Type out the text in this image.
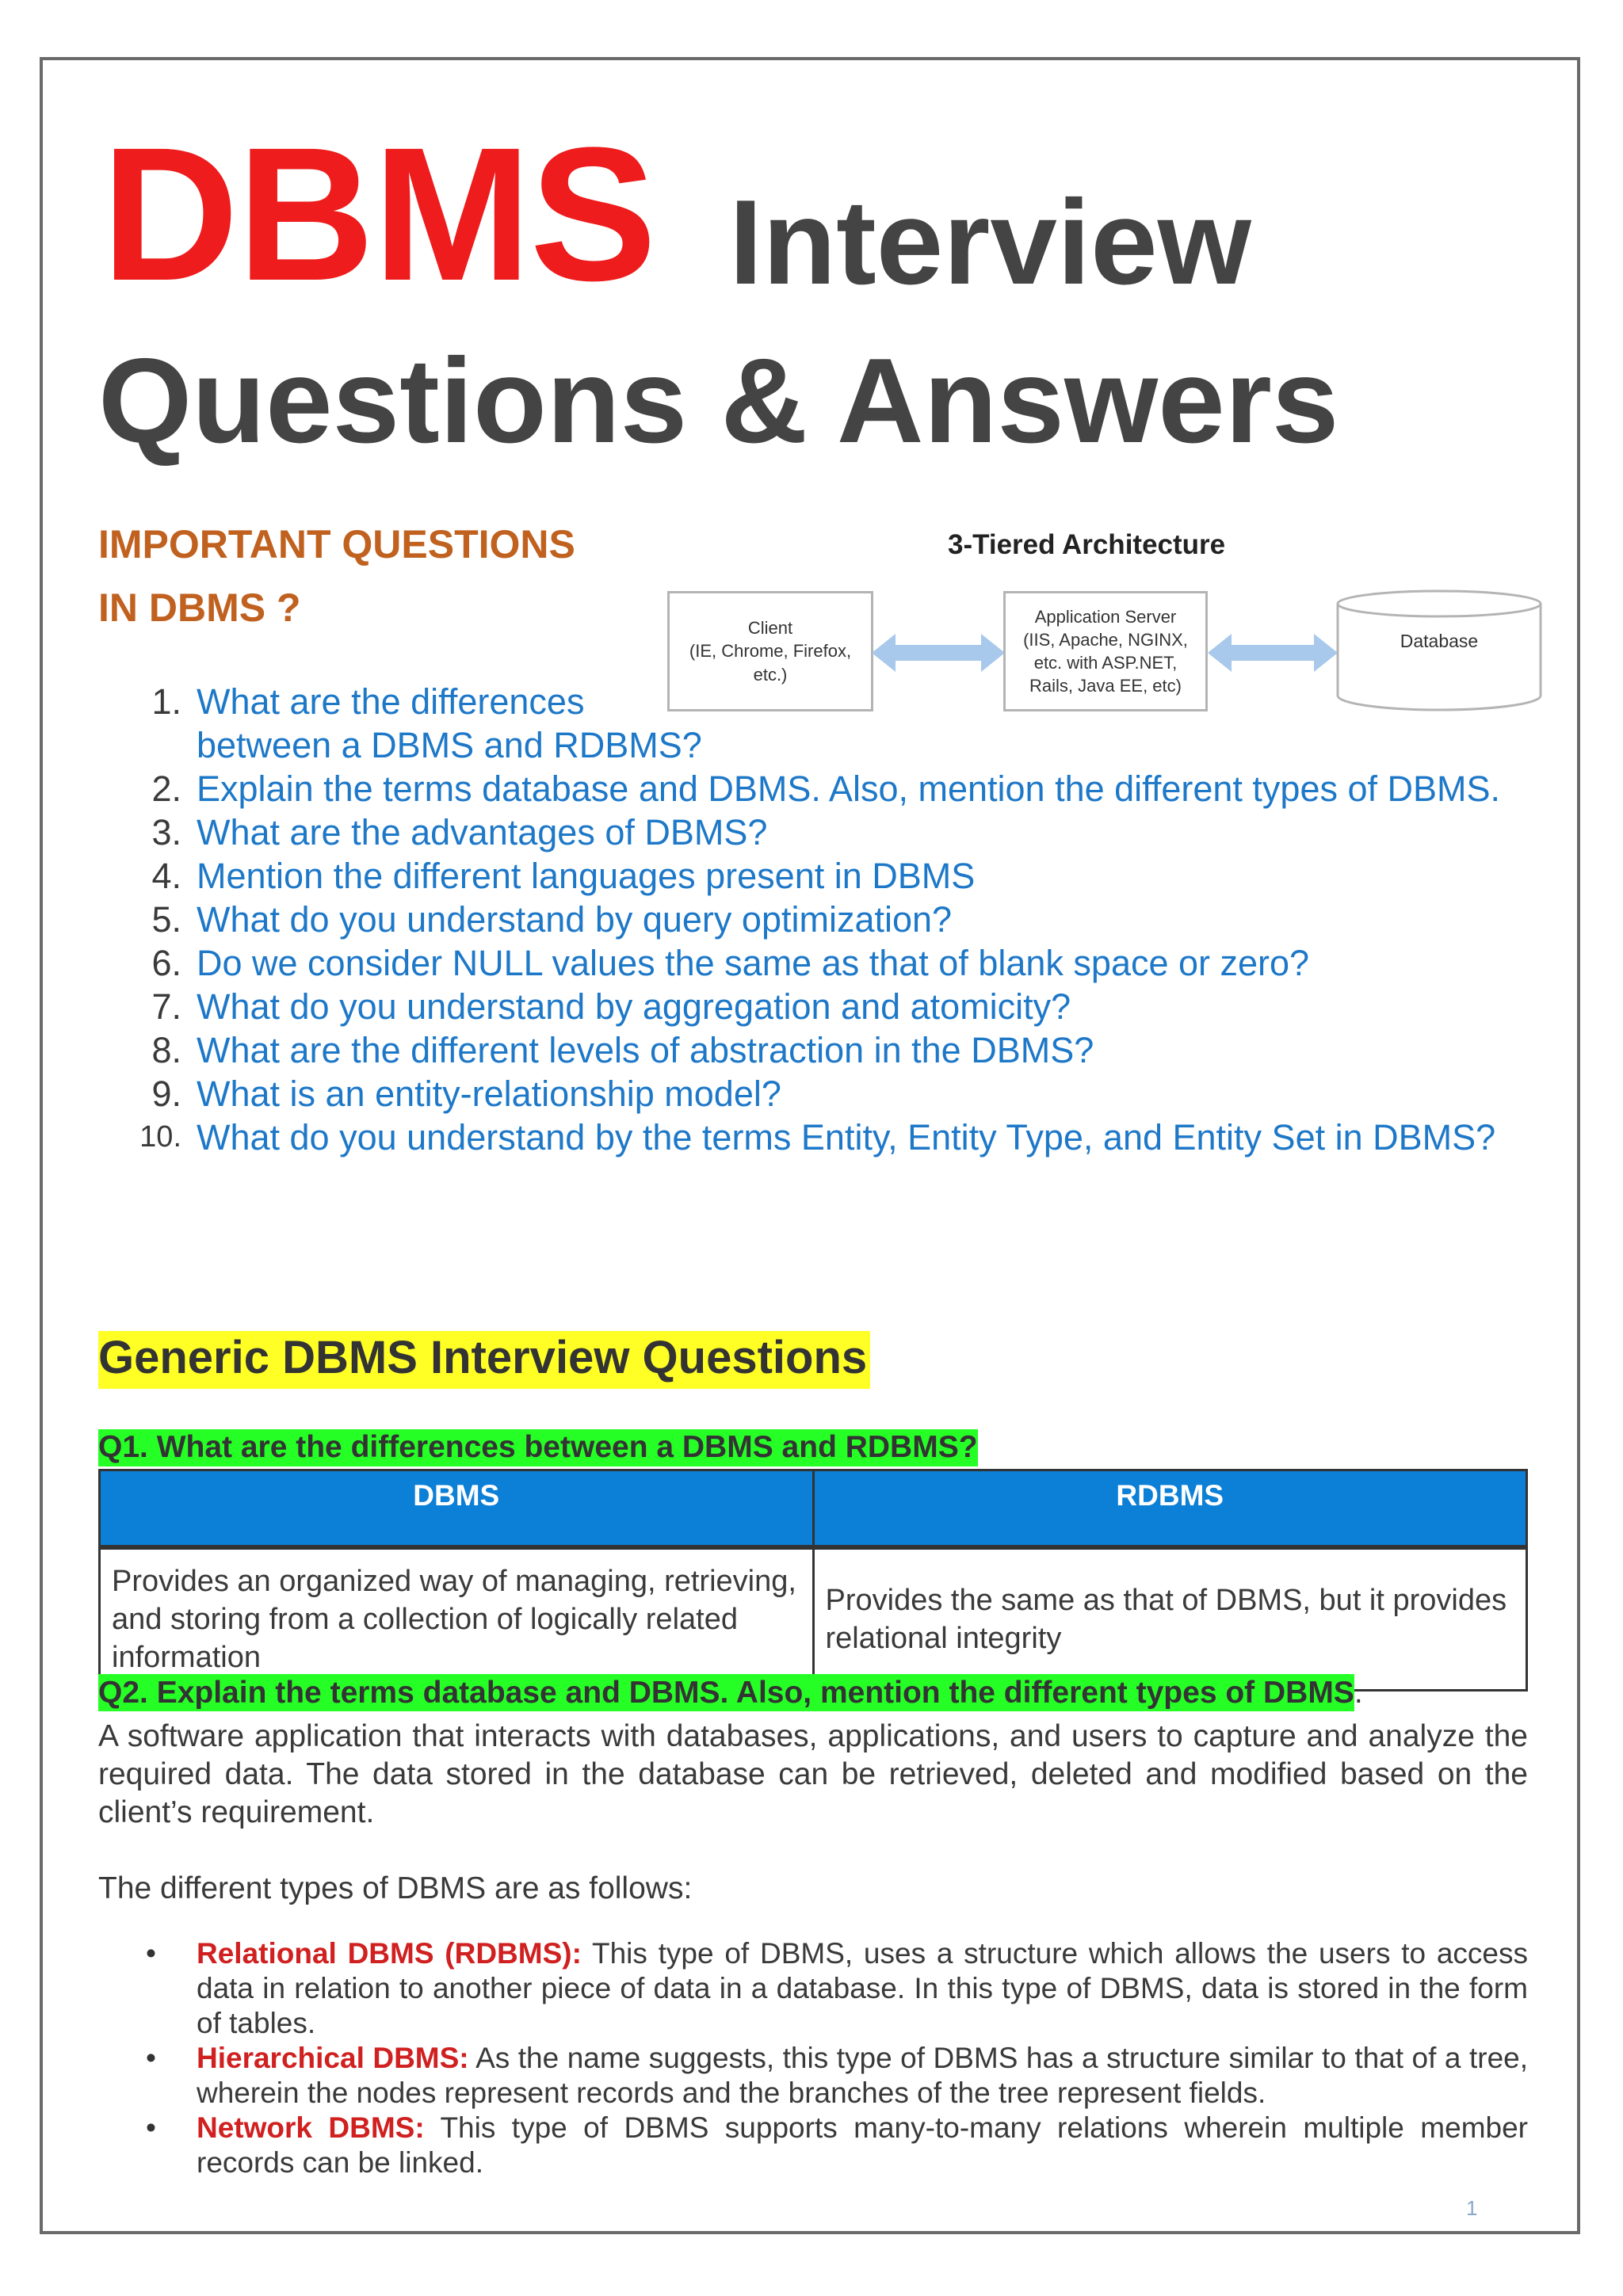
DBMS Interview
Questions & Answers
IMPORTANT QUESTIONS
IN DBMS ?
3-Tiered Architecture
Client
(IE, Chrome, Firefox,
etc.)
Application Server
(IIS, Apache, NGINX,
etc. with ASP.NET,
Rails, Java EE, etc)
Database
1. What are the differences between a DBMS and RDBMS?
2. Explain the terms database and DBMS. Also, mention the different types of DBMS.
3. What are the advantages of DBMS?
4. Mention the different languages present in DBMS
5. What do you understand by query optimization?
6. Do we consider NULL values the same as that of blank space or zero?
7. What do you understand by aggregation and atomicity?
8. What are the different levels of abstraction in the DBMS?
9. What is an entity-relationship model?
10. What do you understand by the terms Entity, Entity Type, and Entity Set in DBMS?
Generic DBMS Interview Questions
Q1. What are the differences between a DBMS and RDBMS?
DBMS	RDBMS
Provides an organized way of managing, retrieving, and storing from a collection of logically related information	Provides the same as that of DBMS, but it provides relational integrity
Q2. Explain the terms database and DBMS. Also, mention the different types of DBMS.
A software application that interacts with databases, applications, and users to capture and analyze the required data. The data stored in the database can be retrieved, deleted and modified based on the client’s requirement.
The different types of DBMS are as follows:
• Relational DBMS (RDBMS): This type of DBMS, uses a structure which allows the users to access data in relation to another piece of data in a database. In this type of DBMS, data is stored in the form of tables.
• Hierarchical DBMS: As the name suggests, this type of DBMS has a structure similar to that of a tree, wherein the nodes represent records and the branches of the tree represent fields.
• Network DBMS: This type of DBMS supports many-to-many relations wherein multiple member records can be linked.
1
